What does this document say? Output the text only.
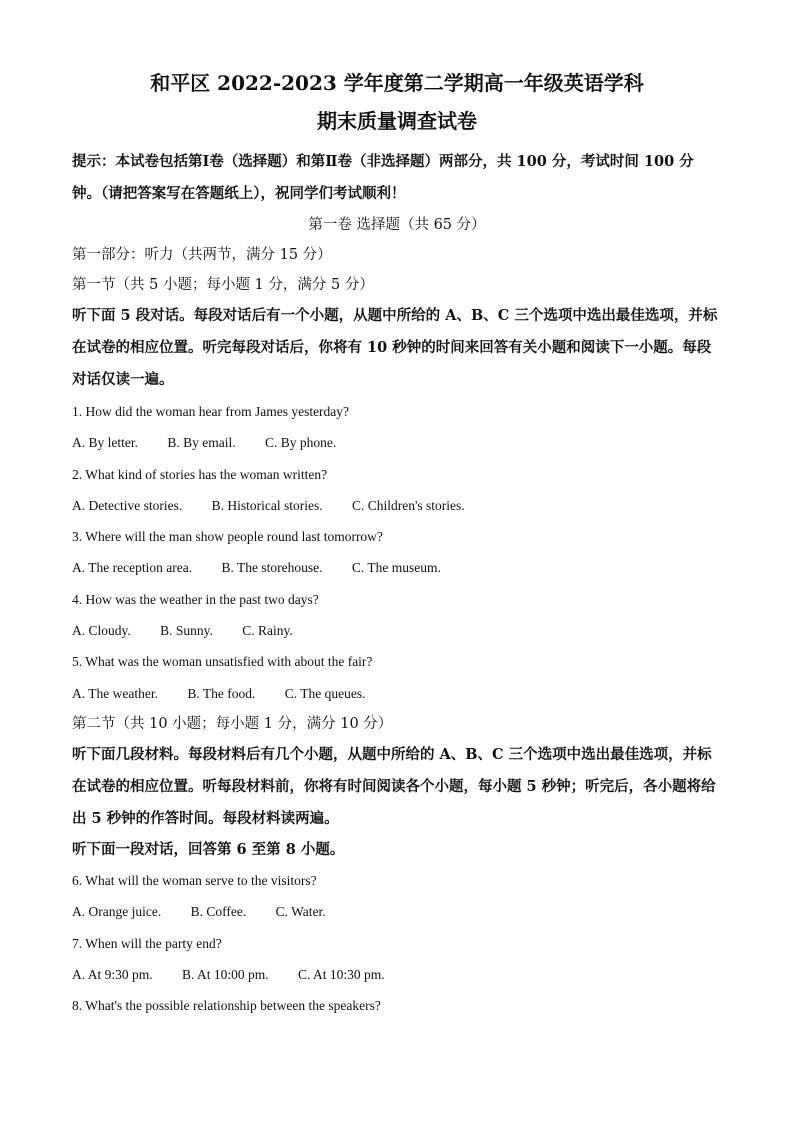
和平区 2022-2023 学年度第二学期高一年级英语学科
期末质量调查试卷
提示：本试卷包括第Ⅰ卷（选择题）和第Ⅱ卷（非选择题）两部分，共 100 分，考试时间 100 分钟。（请把答案写在答题纸上），祝同学们考试顺利！
第一卷 选择题（共 65 分）
第一部分：听力（共两节，满分 15 分）
第一节（共 5 小题；每小题 1 分，满分 5 分）
听下面 5 段对话。每段对话后有一个小题，从题中所给的 A、B、C 三个选项中选出最佳选项，并标在试卷的相应位置。听完每段对话后，你将有 10 秒钟的时间来回答有关小题和阅读下一小题。每段对话仅读一遍。
1. How did the woman hear from James yesterday?
A. By letter. B. By email. C. By phone.
2. What kind of stories has the woman written?
A. Detective stories. B. Historical stories. C. Children's stories.
3. Where will the man show people round last tomorrow?
A. The reception area. B. The storehouse. C. The museum.
4. How was the weather in the past two days?
A. Cloudy. B. Sunny. C. Rainy.
5. What was the woman unsatisfied with about the fair?
A. The weather. B. The food. C. The queues.
第二节（共 10 小题；每小题 1 分，满分 10 分）
听下面几段材料。每段材料后有几个小题，从题中所给的 A、B、C 三个选项中选出最佳选项，并标在试卷的相应位置。听每段材料前，你将有时间阅读各个小题，每小题 5 秒钟；听完后，各小题将给出 5 秒钟的作答时间。每段材料读两遍。
听下面一段对话，回答第 6 至第 8 小题。
6. What will the woman serve to the visitors?
A. Orange juice. B. Coffee. C. Water.
7. When will the party end?
A. At 9:30 pm. B. At 10:00 pm. C. At 10:30 pm.
8. What's the possible relationship between the speakers?
